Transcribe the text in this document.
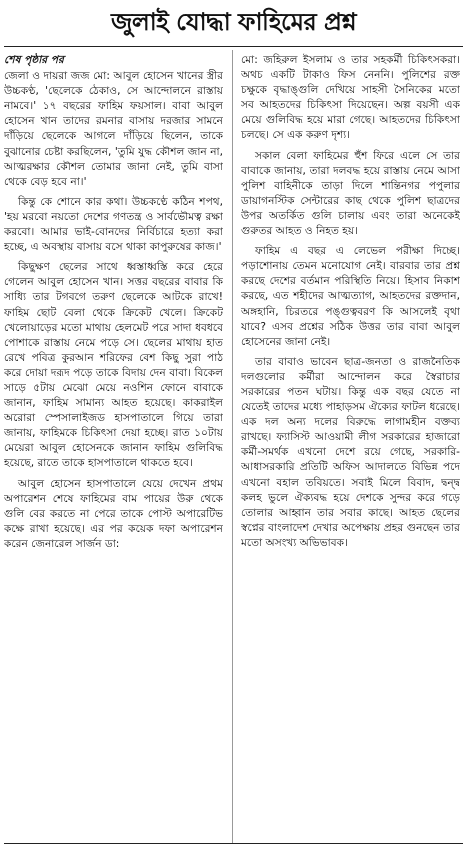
জুলাই যোদ্ধা ফাহিমের প্রশ্ন
শেষ পৃষ্ঠার পর

জেলা ও দায়রা জজ মো: আবুল হোসেন খানের স্ত্রীর উচ্চকণ্ঠ, 'ছেলেকে ঠেকাও, সে আন্দোলনে রাস্তায় নামবে।' ১৭ বছরের ফাহিম ফয়সাল। বাবা আবুল হোসেন খান তাদের রমনার বাসায় দরজার সামনে দাঁড়িয়ে ছেলেকে আগলে দাঁড়িয়ে ছিলেন, তাকে বুঝানোর চেষ্টা করছিলেন, 'তুমি যুদ্ধ কৌশল জান না, আত্মরক্ষার কৌশল তোমার জানা নেই, তুমি বাসা থেকে বেড় হবে না।'

কিন্তু কে শোনে কার কথা। উচ্চকণ্ঠে কঠিন শপথ, 'হয় মরবো নয়তো দেশের গণতন্ত্র ও সার্বভৌমত্ব রক্ষা করবো। আমার ভাই-বোনদের নির্বিচারে হত্যা করা হচ্ছে, এ অবস্থায় বাসায় বসে থাকা কাপুরুষের কাজ।'

কিছুক্ষণ ছেলের সাথে ধ্বস্তাধ্বস্তি করে হেরে গেলেন আবুল হোসেন খান। সত্তর বছরের বাবার কি সাধ্যি তার টগবগে তরুণ ছেলেকে আটকে রাখে! ফাহিম ছোট বেলা থেকে ক্রিকেট খেলে। ক্রিকেট খেলোয়াড়ের মতো মাথায় হেলমেট পরে সাদা ধবধবে পোশাকে রাস্তায় নেমে পড়ে সে। ছেলের মাথায় হাত রেখে পবিত্র কুরআন শরিফের বেশ কিছু সুরা পাঠ করে দোয়া দরূদ পড়ে তাকে বিদায় দেন বাবা। বিকেল সাড়ে ৫টায় মেঝো মেয়ে নওশিন ফোনে বাবাকে জানান, ফাহিম সামান্য আহত হয়েছে। কাকরাইল অরোরা স্পেসালাইজড হাসপাতালে গিয়ে তারা জানায়, ফাহিমকে চিকিৎসা দেয়া হচ্ছে। রাত ১০টায় মেয়েরা আবুল হোসেনকে জানান ফাহিম গুলিবিদ্ধ হয়েছে, রাতে তাকে হাসপাতালে থাকতে হবে।

আবুল হোসেন হাসপাতালে যেয়ে দেখেন প্রথম অপারেশন শেষে ফাহিমের বাম পায়ের উরু থেকে গুলি বের করতে না পেরে তাকে পোস্ট অপারেটিভ কক্ষে রাখা হয়েছে। এর পর কয়েক দফা অপারেশন করেন জেনারেল সার্জন ডা:

মো: জহিরুল ইসলাম ও তার সহকর্মী চিকিৎসকরা। অথচ একটি টাকাও ফিস নেননি। পুলিশের রক্ত চক্ষুকে বৃদ্ধাঙ্গুলি দেখিয়ে সাহসী সৈনিকের মতো সব আহতদের চিকিৎসা দিয়েছেন। অল্প বয়সী এক মেয়ে গুলিবিদ্ধ হয়ে মারা গেছে। আহতদের চিকিৎসা চলছে। সে এক করুণ দৃশ্য।

সকাল বেলা ফাহিমের হুঁশ ফিরে এলে সে তার বাবাকে জানায়, তারা দলবদ্ধ হয়ে রাস্তায় নেমে আসা পুলিশ বাহিনীকে তাড়া দিলে শান্তিনগর পপুলার ডায়াগনস্টিক সেন্টারের কাছ থেকে পুলিশ ছাত্রদের উপর অতর্কিত গুলি চালায় এবং তারা অনেকেই গুরুতর আহত ও নিহত হয়।

ফাহিম এ বছর এ লেভেল পরীক্ষা দিচ্ছে। পড়াশোনায় তেমন মনোযোগ নেই। বারবার তার প্রশ্ন করছে দেশের বর্তমান পরিস্থিতি নিয়ে। হিসাব নিকাশ করছে, এত শহীদের আত্মত্যাগ, আহতদের রক্তদান, অঙ্গহানি, চিরতরে পঙ্গুত্ববরণ কি আসলেই বৃথা যাবে? এসব প্রশ্নের সঠিক উত্তর তার বাবা আবুল হোসেনের জানা নেই।

তার বাবাও ভাবেন ছাত্র-জনতা ও রাজনৈতিক দলগুলোর কর্মীরা আন্দোলন করে স্বৈরাচার সরকারের পতন ঘটায়। কিন্তু এক বছর যেতে না যেতেই তাদের মধ্যে পাহাড়সম ঐক্যের ফাটল ধরেছে। এক দল অন্য দলের বিরুদ্ধে লাগামহীন বক্তব্য রাখছে। ফ্যাসিস্ট আওয়ামী লীগ সরকারের হাজারো কর্মী-সমর্থক এখনো দেশে রয়ে গেছে, সরকারি-আধাসরকারি প্রতিটি অফিস আদালতে বিভিন্ন পদে এখনো বহাল তবিয়তে। সবাই মিলে বিবাদ, দ্বন্দ্ব কলহ ভুলে ঐক্যবদ্ধ হয়ে দেশকে সুন্দর করে গড়ে তোলার আহ্বান তার সবার কাছে। আহত ছেলের স্বপ্নের বাংলাদেশ দেখার অপেক্ষায় প্রহর গুনছেন তার মতো অসংখ্য অভিভাবক।
